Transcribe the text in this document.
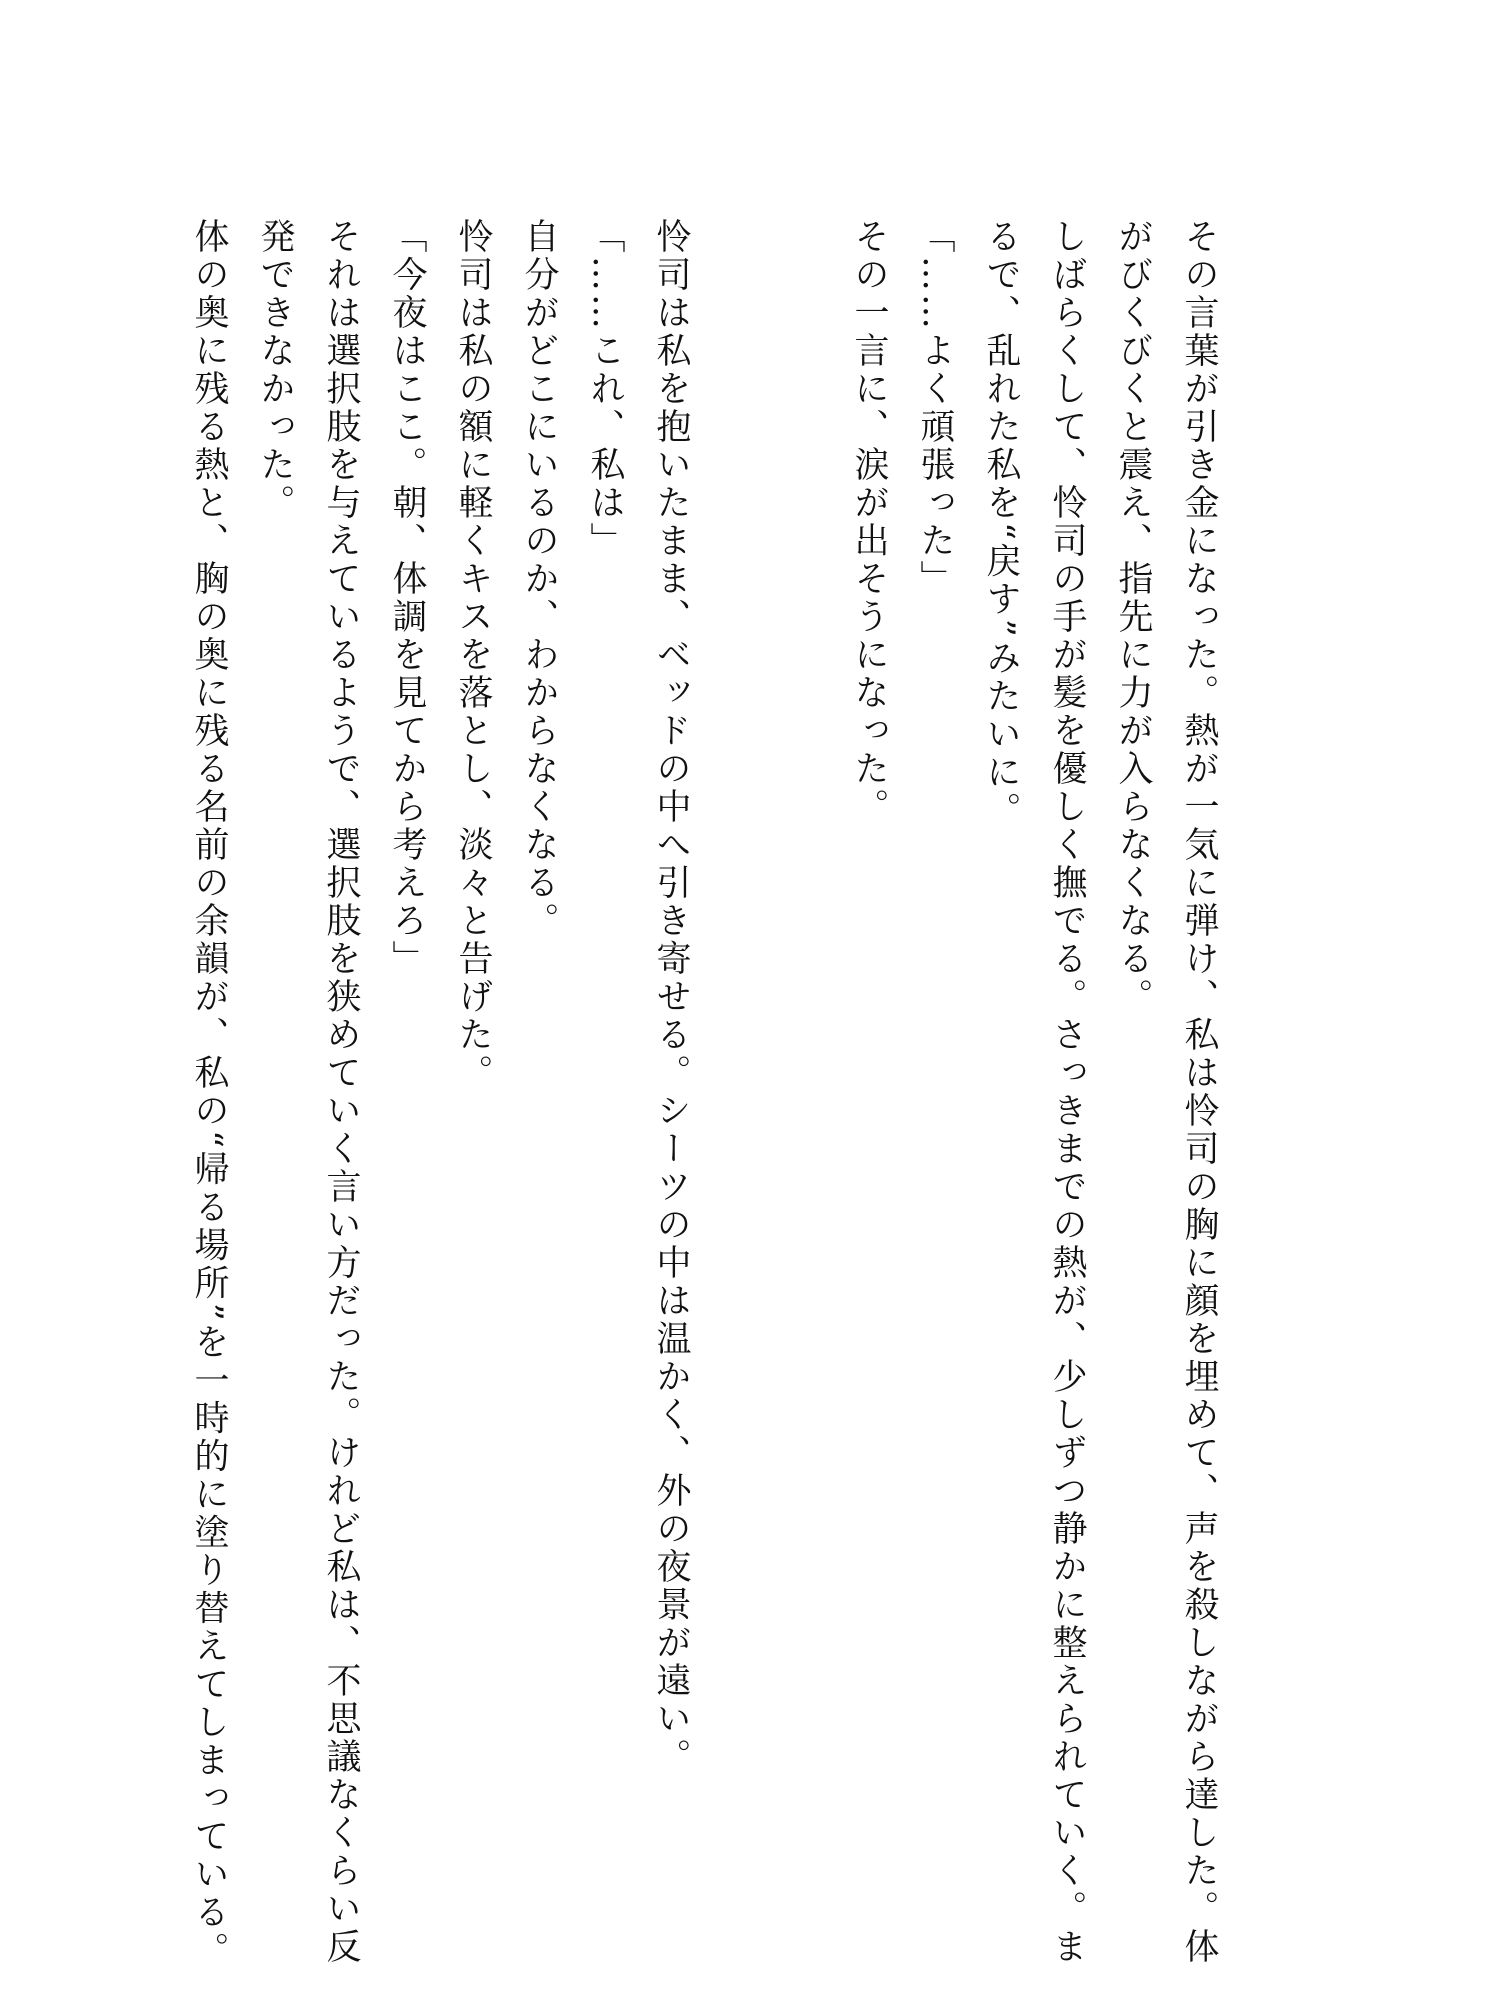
その言葉が引き金になった。熱が一気に弾け、私は怜司の胸に顔を埋めて、声を殺しながら達した。体
がびくびくと震え、指先に力が入らなくなる。
しばらくして、怜司の手が髪を優しく撫でる。さっきまでの熱が、少しずつ静かに整えられていく。ま
るで、乱れた私を“戻す”みたいに。
「……よく頑張った」
その一言に、涙が出そうになった。
怜司は私を抱いたまま、ベッドの中へ引き寄せる。シーツの中は温かく、外の夜景が遠い。
「……これ、私は」
自分がどこにいるのか、わからなくなる。
怜司は私の額に軽くキスを落とし、淡々と告げた。
「今夜はここ。朝、体調を見てから考えろ」
それは選択肢を与えているようで、選択肢を狭めていく言い方だった。けれど私は、不思議なくらい反
発できなかった。
体の奥に残る熱と、胸の奥に残る名前の余韻が、私の“帰る場所”を一時的に塗り替えてしまっている。
